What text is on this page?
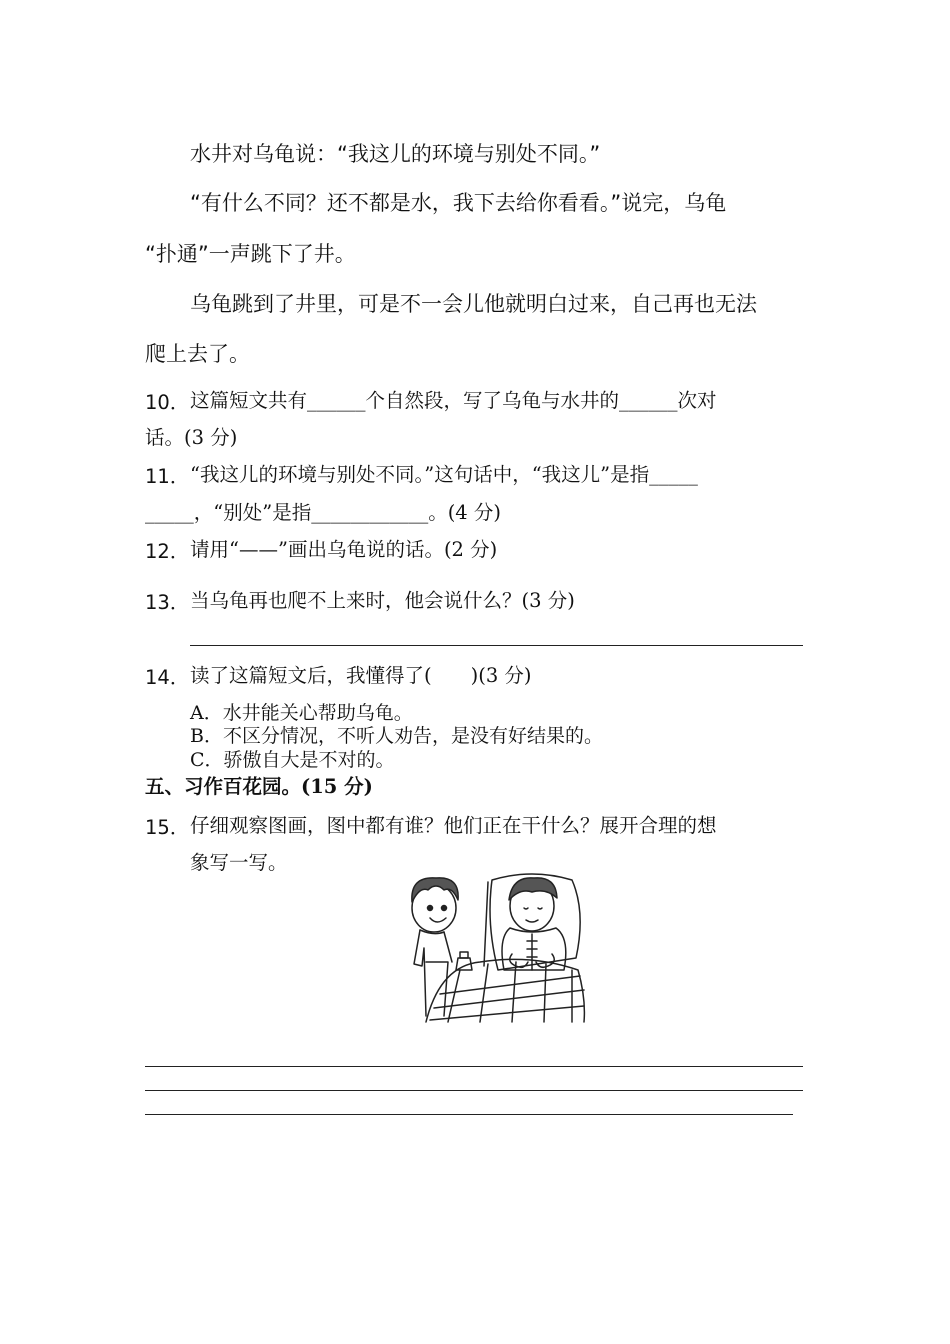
水井对乌龟说：“我这儿的环境与别处不同。”
“有什么不同？还不都是水，我下去给你看看。”说完，乌龟
“扑通”一声跳下了井。
乌龟跳到了井里，可是不一会儿他就明白过来，自己再也无法
爬上去了。
10． 这篇短文共有______个自然段，写了乌龟与水井的______次对
话。(3 分)
11． “我这儿的环境与别处不同。”这句话中，“我这儿”是指_____
_____，“别处”是指____________。(4 分)
12． 请用“——”画出乌龟说的话。(2 分)
13． 当乌龟再也爬不上来时，他会说什么？(3 分)
14． 读了这篇短文后，我懂得了(　　)(3 分)
A．水井能关心帮助乌龟。
B．不区分情况，不听人劝告，是没有好结果的。
C．骄傲自大是不对的。
五、习作百花园。(15 分)
15． 仔细观察图画，图中都有谁？他们正在干什么？展开合理的想
象写一写。
